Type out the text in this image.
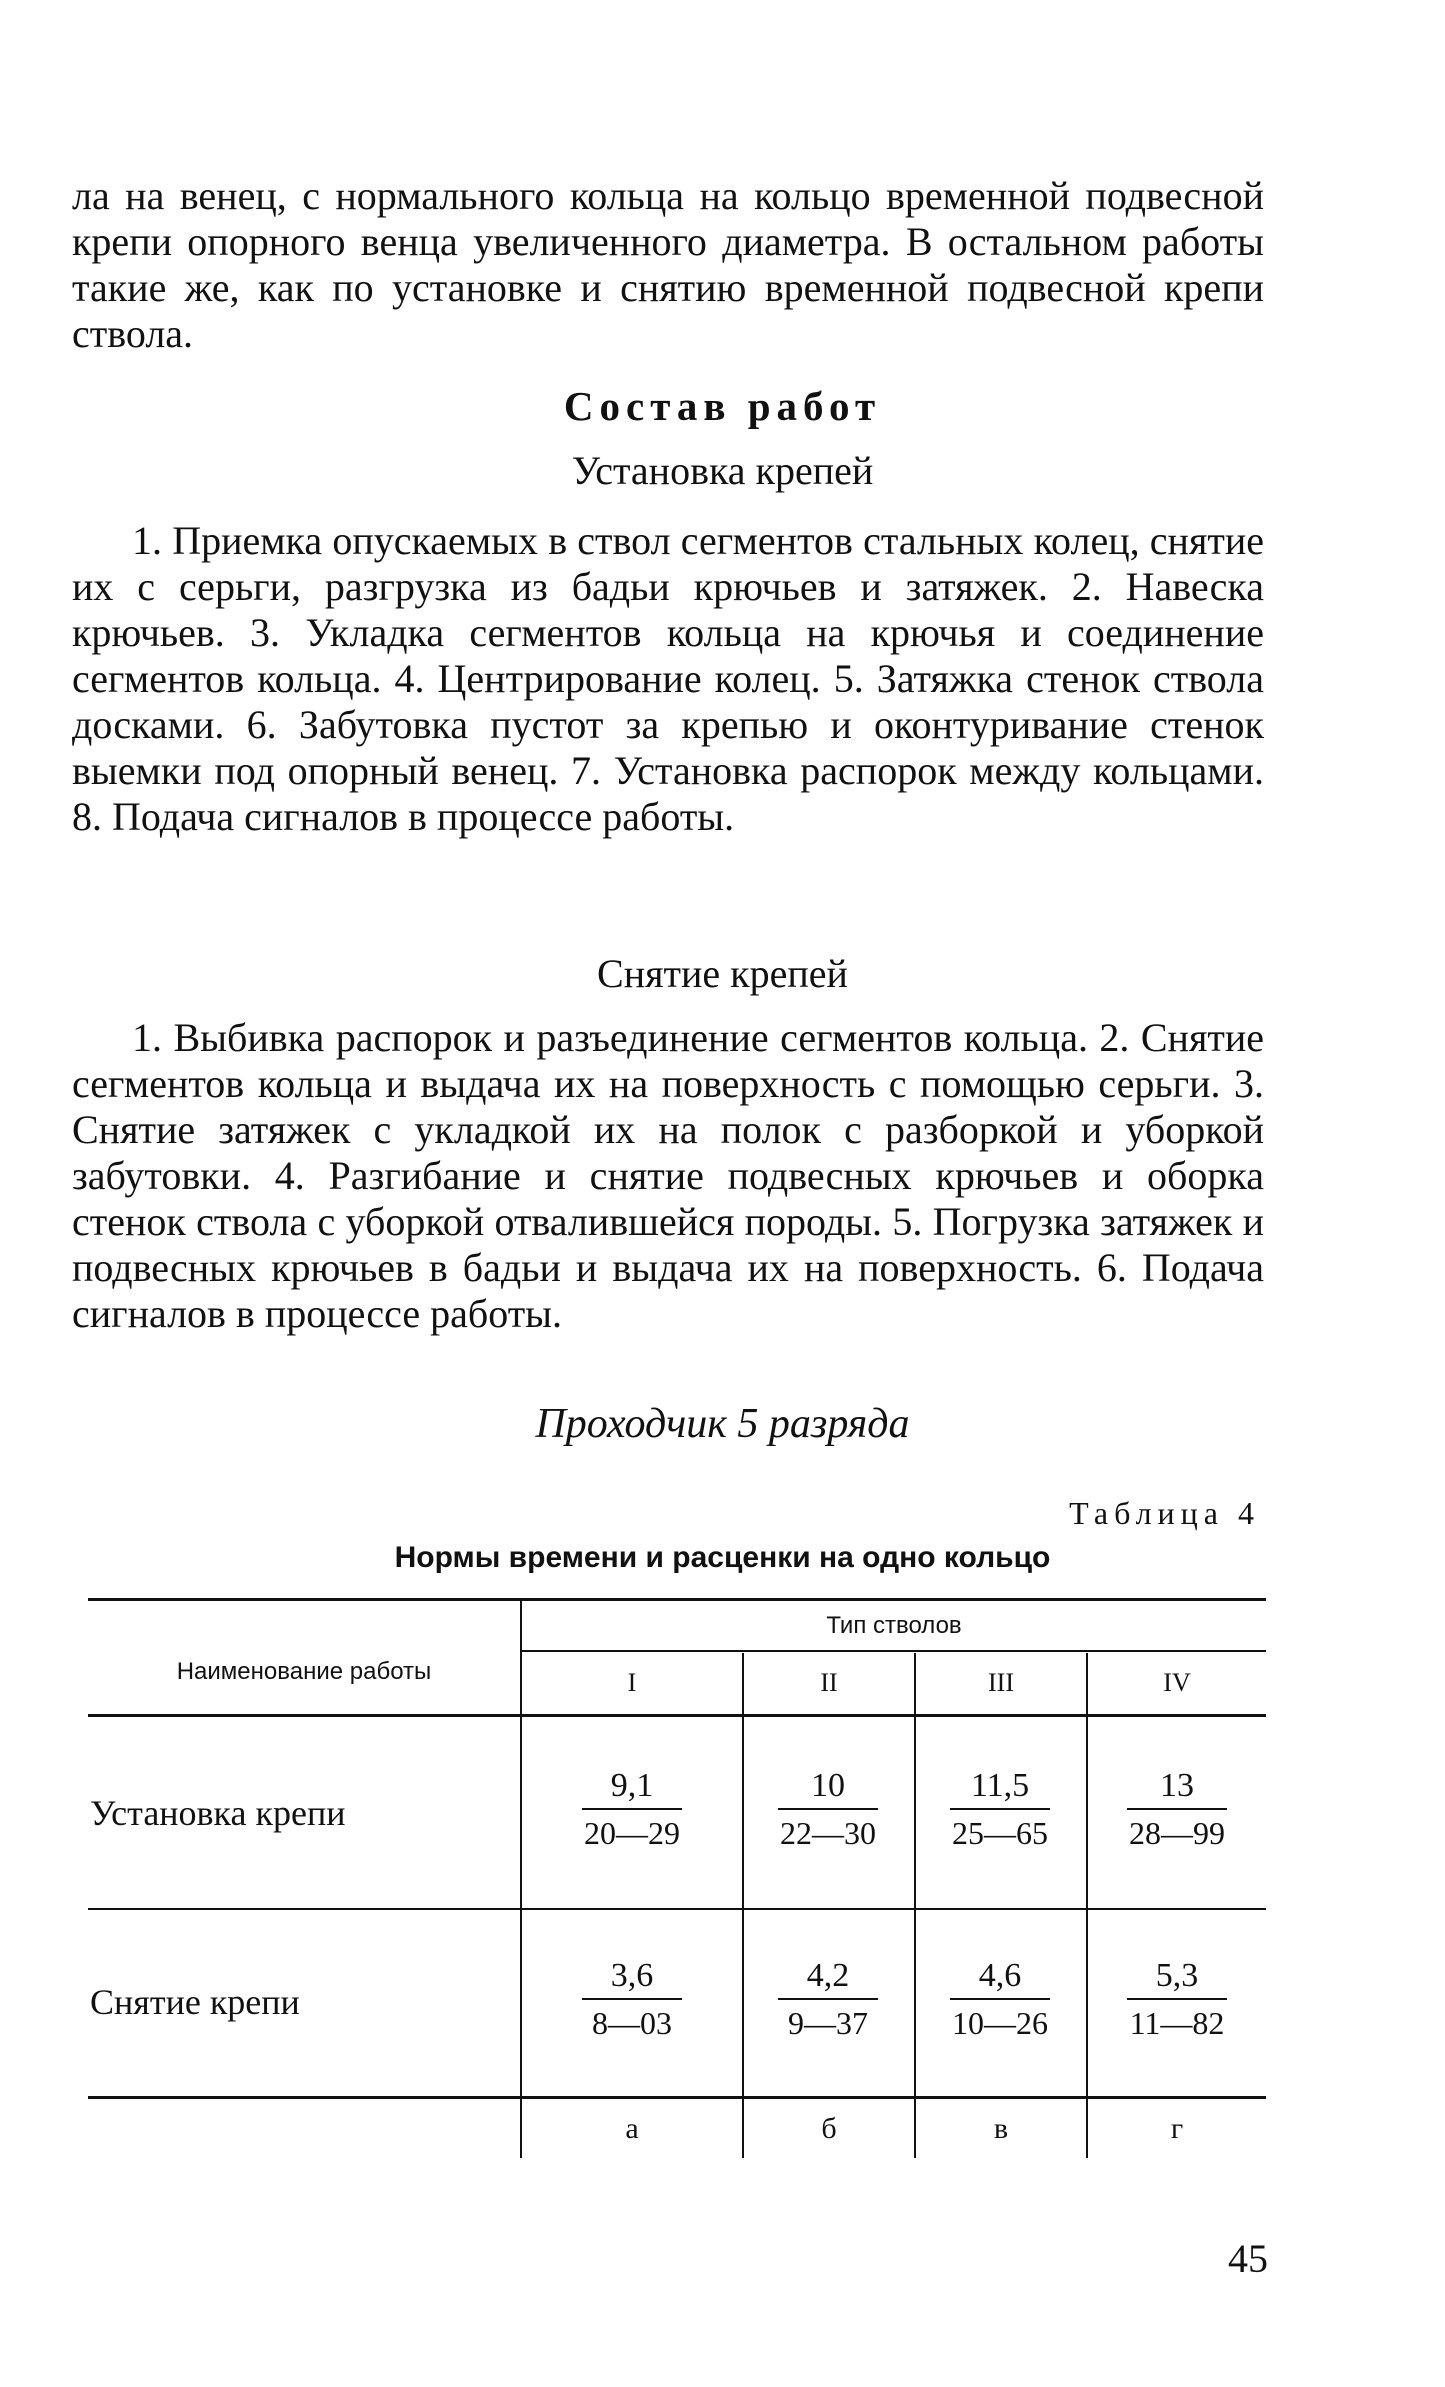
ла на венец, с нормального кольца на кольцо временной подвесной крепи опорного венца увеличенного диаметра. В остальном работы такие же, как по установке и снятию временной подвесной крепи ствола.

Состав работ
Установка крепей

1. Приемка опускаемых в ствол сегментов стальных колец, снятие их с серьги, разгрузка из бадьи крючьев и затяжек. 2. Навеска крючьев. 3. Укладка сегментов кольца на крючья и соединение сегментов кольца. 4. Центрирование колец. 5. Затяжка стенок ствола досками. 6. Забутовка пустот за крепью и оконтуривание стенок выемки под опорный венец. 7. Установка распорок между кольцами. 8. Подача сигналов в процессе работы.

Снятие крепей

1. Выбивка распорок и разъединение сегментов кольца. 2. Снятие сегментов кольца и выдача их на поверхность с помощью серьги. 3. Снятие затяжек с укладкой их на полок с разборкой и уборкой забутовки. 4. Разгибание и снятие подвесных крючьев и оборка стенок ствола с уборкой отвалившейся породы. 5. Погрузка затяжек и подвесных крючьев в бадьи и выдача их на поверхность. 6. Подача сигналов в процессе работы.

Проходчик 5 разряда
Таблица 4
Нормы времени и расценки на одно кольцо
Наименование работы
Тип стволов
I	II	III	IV
Установка крепи	$\frac{9,1}{20—29} \frac{10}{22—30} \frac{11,5}{25—65} \frac{13}{28—99}$
Снятие крепи	$\frac{3,6}{8—03} \frac{4,2}{9—37} \frac{4,6}{10—26} \frac{5,3}{11—82}$
а	б	в	г
45
